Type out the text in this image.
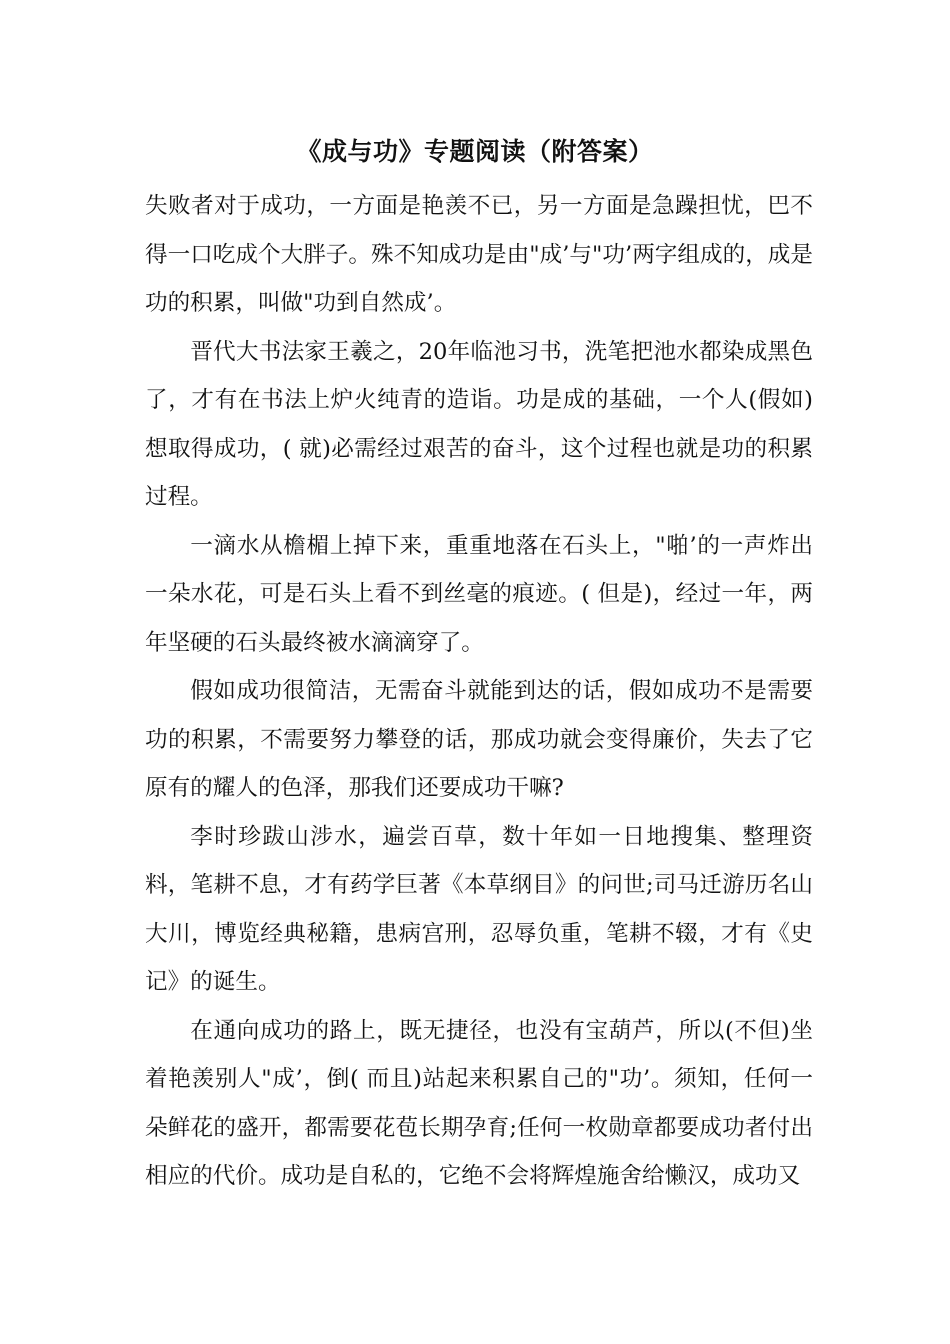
《成与功》专题阅读（附答案）

失败者对于成功，一方面是艳羡不已，另一方面是急躁担忧，巴不得一口吃成个大胖子。殊不知成功是由"成’与"功’两字组成的，成是功的积累，叫做"功到自然成’。

晋代大书法家王羲之，20年临池习书，洗笔把池水都染成黑色了，才有在书法上炉火纯青的造诣。功是成的基础，一个人(假如)想取得成功，( 就)必需经过艰苦的奋斗，这个过程也就是功的积累过程。

一滴水从檐楣上掉下来，重重地落在石头上，"啪’的一声炸出一朵水花，可是石头上看不到丝毫的痕迹。( 但是)，经过一年，两年坚硬的石头最终被水滴滴穿了。

假如成功很简洁，无需奋斗就能到达的话，假如成功不是需要功的积累，不需要努力攀登的话，那成功就会变得廉价，失去了它原有的耀人的色泽，那我们还要成功干嘛?

李时珍跋山涉水，遍尝百草，数十年如一日地搜集、整理资料，笔耕不息，才有药学巨著《本草纲目》的问世;司马迁游历名山大川，博览经典秘籍，患病宫刑，忍辱负重，笔耕不辍，才有《史记》的诞生。

在通向成功的路上，既无捷径，也没有宝葫芦，所以(不但)坐着艳羡别人"成’，倒( 而且)站起来积累自己的"功’。须知，任何一朵鲜花的盛开，都需要花苞长期孕育;任何一枚勋章都要成功者付出相应的代价。成功是自私的，它绝不会将辉煌施舍给懒汉，成功又
